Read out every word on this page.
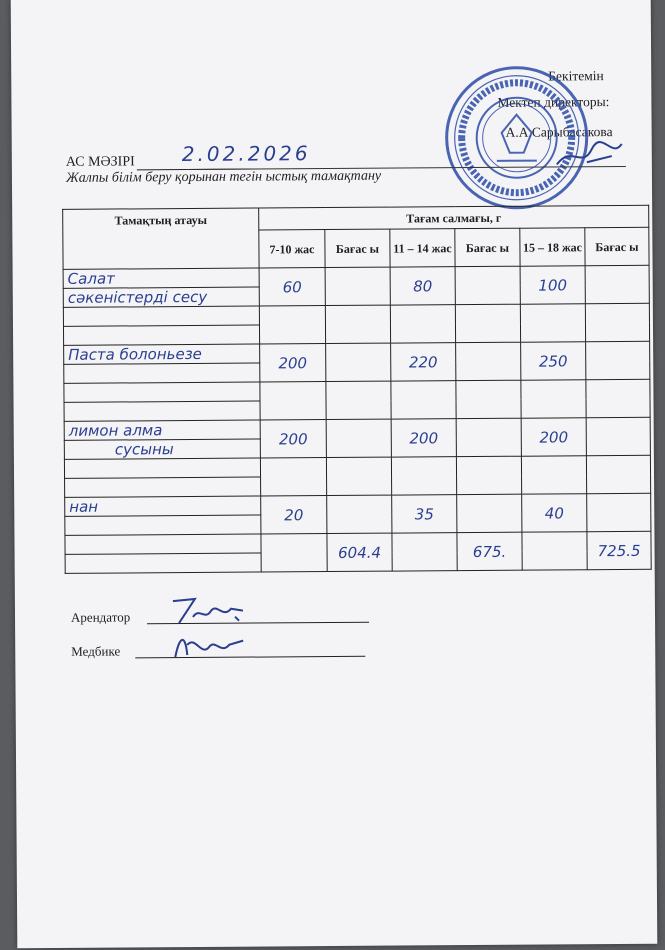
Бекітемін
Мектеп директоры:
А.А.Сарыбасакова
АС МӘЗІРІ	2.02.2026
Жалпы білім беру қорынан тегін ыстық тамақтану
Тамақтың атауы	Тағам салмағы, г					
	7-10 жас	Бағас ы	11 – 14 жас	Бағас ы	15 – 18 жас	Бағас ы
Салат	60		80		100	
сәкеністерді сесу						

Паста болоньезе	200		220		250	

лимон алма	200		200		200	
сусыны						

нан	20		35		40	

		604.4		675.		725.5

Арендатор
Медбике
